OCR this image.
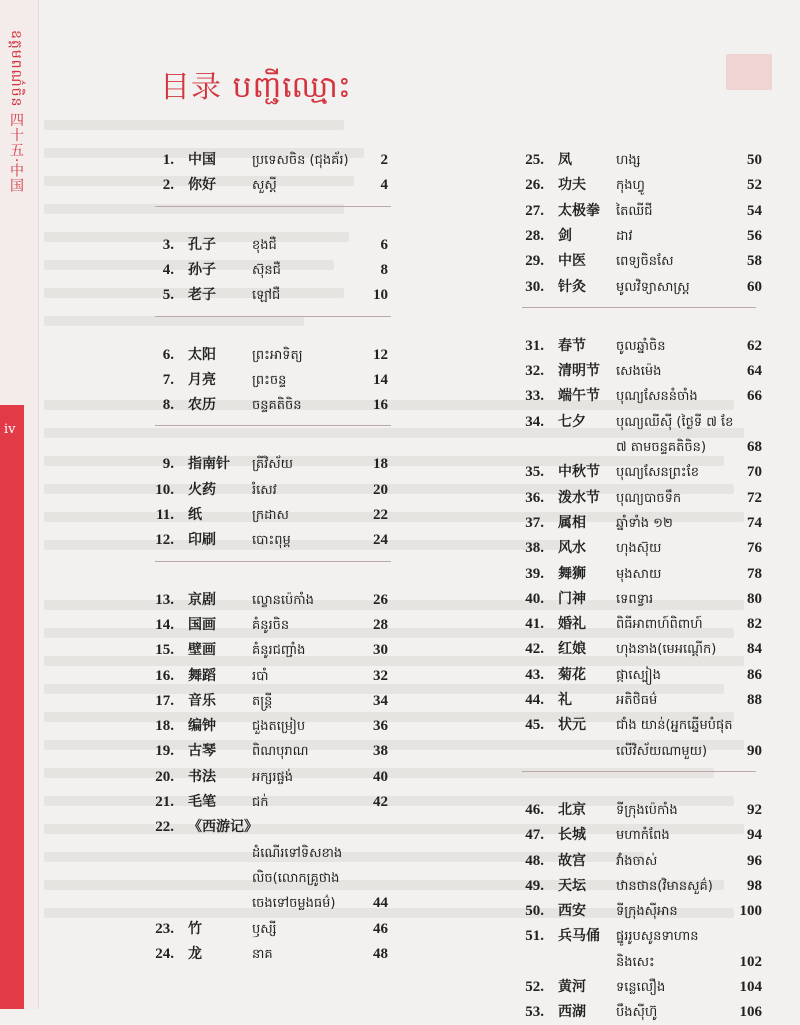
ឧត្តមពណ៌ចិន 四十五·中国
iv

目录 បញ្ជីឈ្មោះ
1. 中国	ប្រទេសចិន (ជុងគ័រ)	2
2. 你好	សួស្តី	4
3. 孔子	ខុងជឺ	6
4. 孙子	ស៊ុនជឺ	8
5. 老子	ឡៅជឺ	10
6. 太阳	ព្រះអាទិត្យ	12
7. 月亮	ព្រះចន្ទ	14
8. 农历	ចន្ទគតិចិន	16
9. 指南针 ត្រីវិស័យ	18
10. 火药	រំសេវ	20
11. 纸	ក្រដាស	22
12. 印刷	បោះពុម្ព	24
13. 京剧	ល្ខោនប៉េកាំង	26
14. 国画	គំនូរចិន	28
15. 壁画	គំនូរជញ្ជាំង	30
16. 舞蹈	របាំ	32
17. 音乐	តន្ត្រី	34
18. 编钟	ជួងតម្រៀប	36
19. 古琴	ពិណបុរាណ	38
20. 书法	អក្សរផ្ចង់	40
21. 毛笔	ជក់	42
22. 《西游记》
ដំណើរទៅទិសខាង
លិច(លោកគ្រូថាង
ចេងទៅចម្លងធម៌)	44
23. 竹	ឫស្សី	46
24. 龙	នាគ	48
25. 凤	ហង្ស	50
26. 功夫 កុងហ្វូ	52
27. 太极拳 តៃឈីជី	54
28. 剑	ដាវ	56
29. 中医 ពេទ្យចិនសែ	58
30. 针灸 មូលវិទ្យាសាស្ត្រ	60
31. 春节 ចូលឆ្នាំចិន	62
32. 清明节 សេងម៉េង	64
33. 端午节 បុណ្យសែននំចាំង	66
34. 七夕 បុណ្យឈីស៊ី (ថ្ងៃទី ៧ ខែ
៧ តាមចន្ទគតិចិន)	68
35. 中秋节 បុណ្យសែនព្រះខែ	70
36. 泼水节 បុណ្យបាចទឹក	72
37. 属相 ឆ្នាំទាំង ១២	74
38. 风水 ហុងស៊ុយ	76
39. 舞狮 មុងសាយ	78
40. 门神 ទេពទ្វារ	80
41. 婚礼 ពិធីអាពាហ៍ពិពាហ៍	82
42. 红娘 ហុងនាង(មេអណ្ដើក)	84
43. 菊花 ផ្កាស្បៀង	86
44. 礼	អតិថិធម៌	88
45. 状元 ជាំង យាន់(អ្នកឆ្នើមបំផុត
លើវិស័យណាមួយ)	90
46. 北京 ទីក្រុងប៉េកាំង	92
47. 长城 មហាកំពែង	94
48. 故宫 វាំងចាស់	96
49. 天坛 ឋានថាន(វិមានសួគ៌)	98
50. 西安 ទីក្រុងស៊ីអាន	100
51. 兵马俑 ផ្នូររូបសូនទាហាន
និងសេះ	102
52. 黄河 ទន្លេលឿង	104
53. 西湖 បឹងស៊ីហ៊ូ	106
